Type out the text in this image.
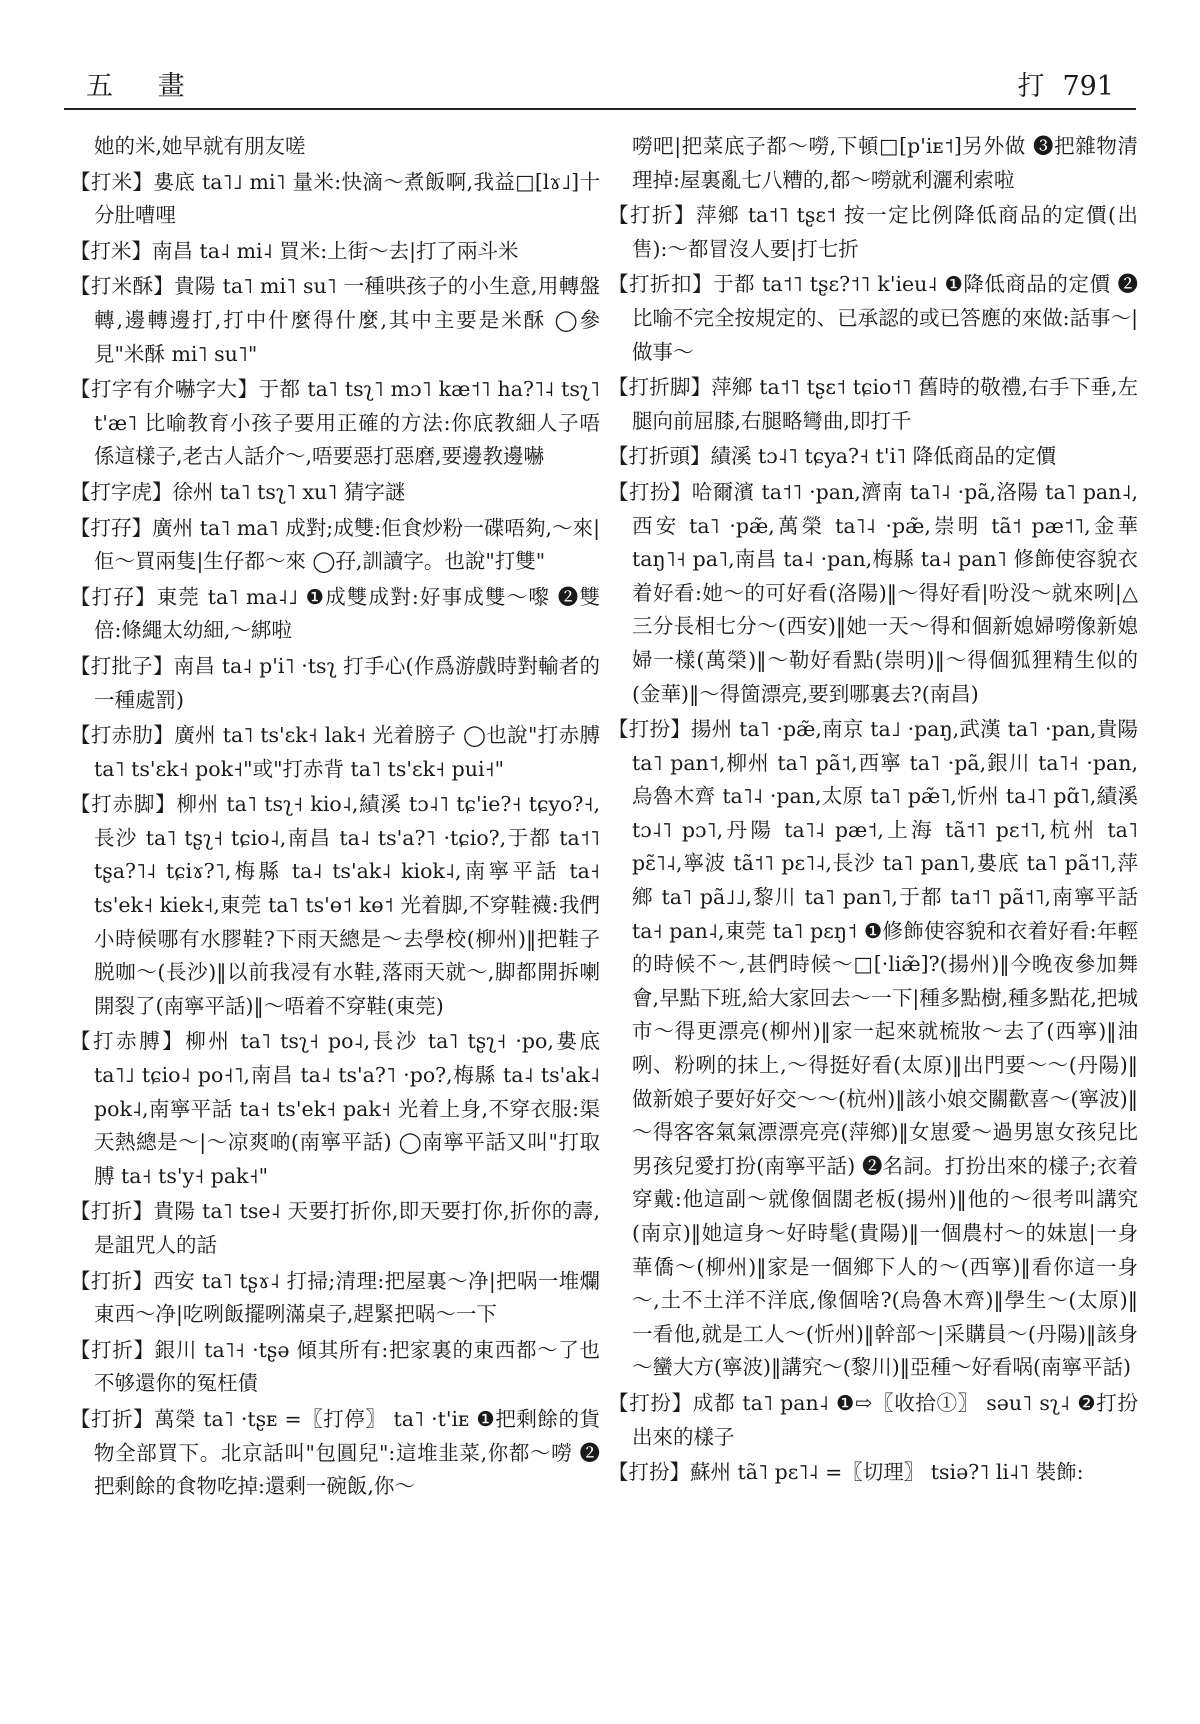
五 畫	打 791
她的米,她早就有朋友嗟
【打米】婁底 ta˥˩ mi˥ 量米:快滴～煮飯啊,我益□[lɤ˩]十分肚嘈哩
【打米】南昌 ta˨ mi˨ 買米:上街～去|打了兩斗米
【打米酥】貴陽 ta˥ mi˥ su˥ 一種哄孩子的小生意,用轉盤轉,邊轉邊打,打中什麼得什麼,其中主要是米酥 ◯參見"米酥 mi˥ su˥"
【打字有介嚇字大】于都 ta˥ tsʅ˥ mɔ˥ kæ˦˥ ha?˥˨ tsʅ˥ t'æ˥ 比喻教育小孩子要用正確的方法:你底教細人子唔係這樣子,老古人話介～,唔要惡打惡磨,要邊教邊嚇
【打字虎】徐州 ta˥ tsʅ˥ xu˥ 猜字謎
【打孖】廣州 ta˥ ma˥ 成對;成雙:佢食炒粉一碟唔夠,～來|佢～買兩隻|生仔都～來 ◯孖,訓讀字。也說"打雙"
【打孖】東莞 ta˥ ma˨˩ ❶成雙成對:好事成雙～嚟 ❷雙倍:條繩太幼細,～綁啦
【打批子】南昌 ta˨ p'i˥ ·tsʅ 打手心(作爲游戲時對輸者的一種處罰)
【打赤肋】廣州 ta˥ ts'ɛk˧ lak˧ 光着膀子 ◯也說"打赤膊 ta˥ ts'ɛk˧ pok˧"或"打赤背 ta˥ ts'ɛk˧ pui˧"
【打赤脚】柳州 ta˥ tsʅ˧ kio˨,績溪 tɔ˨˥ tɕ'ie?˧ tɕyo?˧,長沙 ta˥ tʂʅ˧ tɕio˨,南昌 ta˨ ts'a?˥ ·tɕio?,于都 ta˦˥ tʂa?˥˨ tɕiɤ?˥,梅縣 ta˨ ts'ak˨ kiok˨,南寧平話 ta˧ ts'ek˧ kiek˧,東莞 ta˥ ts'ɵ˦ kɵ˦ 光着脚,不穿鞋襪:我們小時候哪有水膠鞋?下雨天總是～去學校(柳州)‖把鞋子脱咖～(長沙)‖以前我㓎有水鞋,落雨天就～,脚都開拆喇開裂了(南寧平話)‖～唔着不穿鞋(東莞)
【打赤膊】柳州 ta˥ tsʅ˧ po˨,長沙 ta˥ tʂʅ˧ ·po,婁底 ta˥˩ tɕio˨ po˧˥,南昌 ta˨ ts'a?˥ ·po?,梅縣 ta˨ ts'ak˨ pok˨,南寧平話 ta˧ ts'ek˧ pak˧ 光着上身,不穿衣服:渠天熱總是～|～凉爽啲(南寧平話) ◯南寧平話又叫"打取膊 ta˧ ts'y˧ pak˧"
【打折】貴陽 ta˥ tse˨ 天要打折你,即天要打你,折你的壽,是詛咒人的話
【打折】西安 ta˥ tʂɤ˨ 打掃;清理:把屋裏～净|把㖞一堆爛東西～净|吃咧飯擺咧滿桌子,趕緊把㖞～一下
【打折】銀川 ta˥˧ ·tʂə 傾其所有:把家裏的東西都～了也不够還你的冤枉債
【打折】萬榮 ta˥ ·tʂᴇ =〖打停〗 ta˥ ·t'iᴇ ❶把剩餘的貨物全部買下。北京話叫"包圓兒":這堆韭菜,你都～嘮 ❷把剩餘的食物吃掉:還剩一碗飯,你～
嘮吧|把菜底子都～嘮,下頓□[p'iᴇ˦]另外做 ❸把雜物清理掉:屋裏亂七八糟的,都～嘮就利灑利索啦
【打折】萍鄉 ta˦˥ tʂɛ˦ 按一定比例降低商品的定價(出售):～都冒沒人要|打七折
【打折扣】于都 ta˦˥ tʂɛ?˦˥ k'ieu˨ ❶降低商品的定價 ❷比喻不完全按規定的、已承認的或已答應的來做:話事～|做事～
【打折脚】萍鄉 ta˦˥ tʂɛ˦ tɕio˦˥ 舊時的敬禮,右手下垂,左腿向前屈膝,右腿略彎曲,即打千
【打折頭】績溪 tɔ˨˥ tɕya?˧ t'i˥ 降低商品的定價
【打扮】哈爾濱 ta˦˥ ·pan,濟南 ta˥˨ ·pã,洛陽 ta˥ pan˨,西安 ta˥ ·pæ̃,萬榮 ta˥˨ ·pæ̃,崇明 tã˦ pæ˦˥,金華 taŋ˥˧ pa˥,南昌 ta˨ ·pan,梅縣 ta˨ pan˥ 修飾使容貌衣着好看:她～的可好看(洛陽)‖～得好看|吩没～就來咧|△三分長相七分～(西安)‖她一天～得和個新媳婦嘮像新媳婦一樣(萬榮)‖～勒好看點(崇明)‖～得個狐狸精生似的(金華)‖～得箇漂亮,要到哪裏去?(南昌)
【打扮】揚州 ta˥ ·pæ̃,南京 ta˩ ·paŋ,武漢 ta˥ ·pan,貴陽 ta˥ pan˦,柳州 ta˥ pã˦,西寧 ta˥ ·pã,銀川 ta˥˧ ·pan,烏魯木齊 ta˥˨ ·pan,太原 ta˥ pæ̃˥,忻州 ta˨˥ pɑ̃˥,績溪 tɔ˨˥ pɔ˥,丹陽 ta˥˨ pæ˦,上海 tã˦˥ pɛ˦˥,杭州 ta˥ pɛ̃˥˨,寧波 tã˦˥ pɛ˥˨,長沙 ta˥ pan˥,婁底 ta˥ pã˦˥,萍鄉 ta˥ pã˩˩,黎川 ta˥ pan˥,于都 ta˦˥ pã˦˥,南寧平話 ta˧ pan˨,東莞 ta˥ pɛŋ˦ ❶修飾使容貌和衣着好看:年輕的時候不～,甚們時候～□[·liæ̃]?(揚州)‖今晚夜參加舞會,早點下班,給大家回去～一下|種多點樹,種多點花,把城市～得更漂亮(柳州)‖家一起來就梳妝～去了(西寧)‖油咧、粉咧的抹上,～得挺好看(太原)‖出門要～～(丹陽)‖做新娘子要好好交～～(杭州)‖該小娘交關歡喜～(寧波)‖～得客客氣氣漂漂亮亮(萍鄉)‖女崽愛～過男崽女孩兒比男孩兒愛打扮(南寧平話) ❷名詞。打扮出來的樣子;衣着穿戴:他這副～就像個闊老板(揚州)‖他的～很考叫講究(南京)‖她這身～好時髦(貴陽)‖一個農村～的妹崽|一身華僑～(柳州)‖家是一個鄉下人的～(西寧)‖看你這一身～,土不土洋不洋底,像個啥?(烏魯木齊)‖學生～(太原)‖一看他,就是工人～(忻州)‖幹部～|采購員～(丹陽)‖該身～蠻大方(寧波)‖講究～(黎川)‖亞種～好看㖞(南寧平話)
【打扮】成都 ta˥ pan˨ ❶⇨〖收拾①〗 səu˥ sʅ˨ ❷打扮出來的樣子
【打扮】蘇州 tã˥ pɛ˥˨ =〖切理〗 tsiə?˥ li˨˥ 裝飾:
